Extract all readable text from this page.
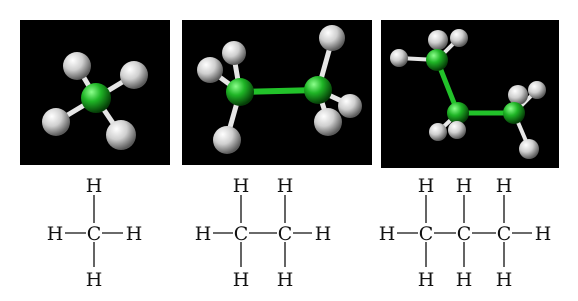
H
H C H
H
H H
H C C H
H H
H H H
H C C C H
H H H
